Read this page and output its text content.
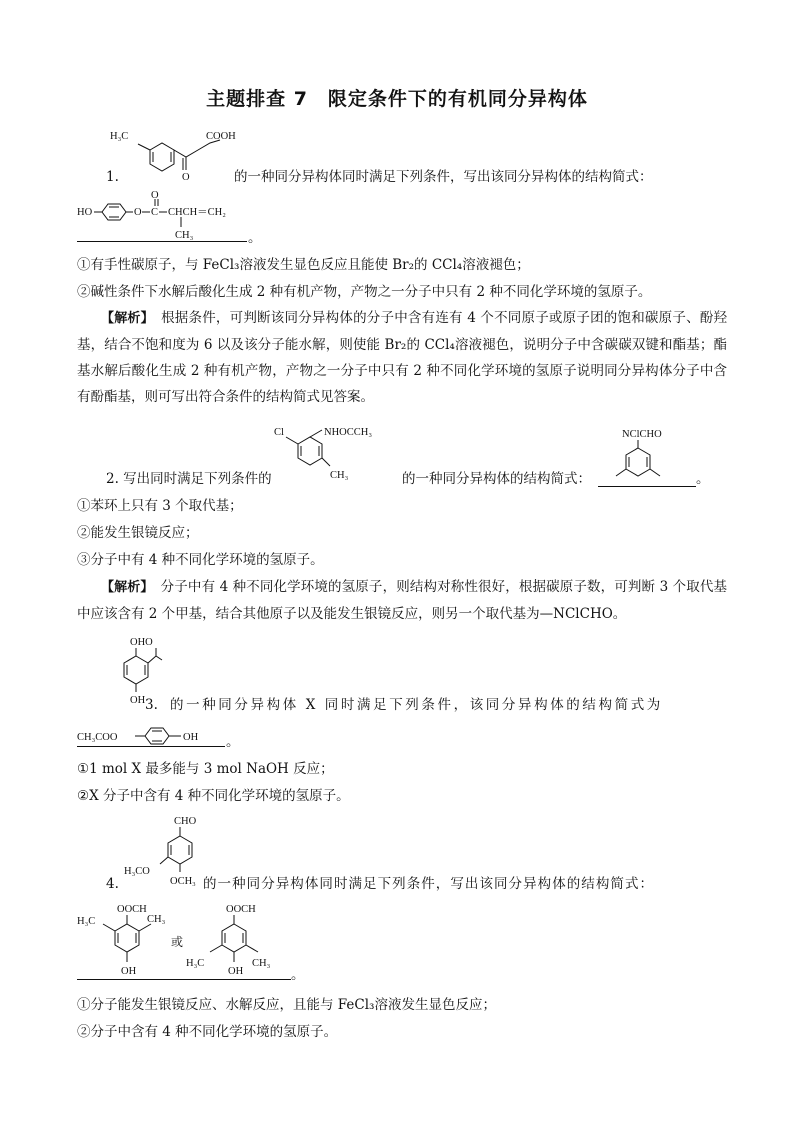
主题排查 7　限定条件下的有机同分异构体
H₃C
O
COOH
1.	的一种同分异构体同时满足下列条件，写出该同分异构体的结构简式：
HO	O C
O
CHCH＝CH₂
CH₃	。
①有手性碳原子，与 FeCl₃溶液发生显色反应且能使 Br₂的 CCl₄溶液褪色；
②碱性条件下水解后酸化生成 2 种有机产物，产物之一分子中只有 2 种不同化学环境的氢原子。
【解析】　 根据条件，可判断该同分异构体的分子中含有连有 4 个不同原子或原子团的饱和碳原子、酚羟基，结合不饱和度为 6 以及该分子能水解，则使能 Br₂的 CCl₄溶液褪色，说明分子中含碳碳双键和酯基；酯基水解后酸化生成 2 种有机产物，产物之一分子中只有 2 种不同化学环境的氢原子说明同分异构体分子中含有酚酯基，则可写出符合条件的结构简式见答案。
Cl	NHOCCH₃
CH₃
2. 写出同时满足下列条件的	的一种同分异构体的结构简式：
NClCHO
。
①苯环上只有 3 个取代基；
②能发生银镜反应；
③分子中有 4 种不同化学环境的氢原子。
【解析】　 分子中有 4 种不同化学环境的氢原子，则结构对称性很好，根据碳原子数，可判断 3 个取代基中应该含有 2 个甲基，结合其他原子以及能发生银镜反应，则另一个取代基为—NClCHO。
OHO
OH 3. 的一种同分异构体 X 同时满足下列条件，该同分异构体的结构简式为
CH₃COO	OH 。
①1 mol X 最多能与 3 mol NaOH 反应；
②X 分子中含有 4 种不同化学环境的氢原子。
CHO
H₃CO
OCH₃
4.	的一种同分异构体同时满足下列条件，写出该同分异构体的结构简式：
H₃C
OOCH
CH₃
OH
或
OOCH
H₃C	CH₃
OH	。
①分子能发生银镜反应、水解反应，且能与 FeCl₃溶液发生显色反应；
②分子中含有 4 种不同化学环境的氢原子。
